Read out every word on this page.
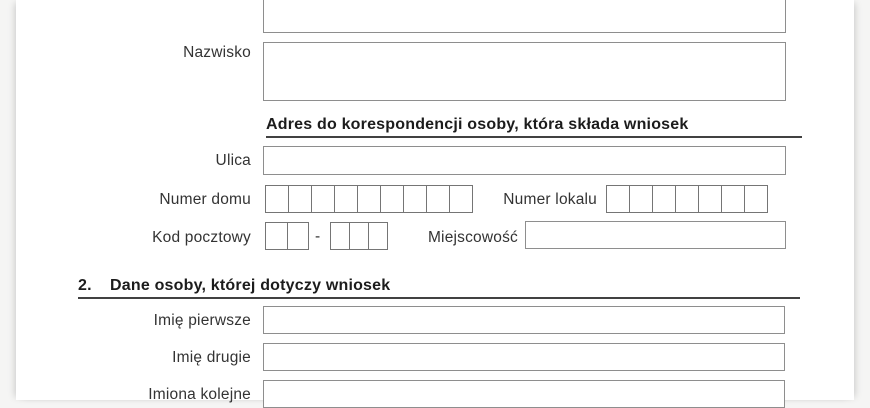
Nazwisko
Adres do korespondencji osoby, która składa wniosek
Ulica
Numer domu	Numer lokalu
Kod pocztowy	-	Miejscowość
2. Dane osoby, której dotyczy wniosek
Imię pierwsze
Imię drugie
Imiona kolejne
